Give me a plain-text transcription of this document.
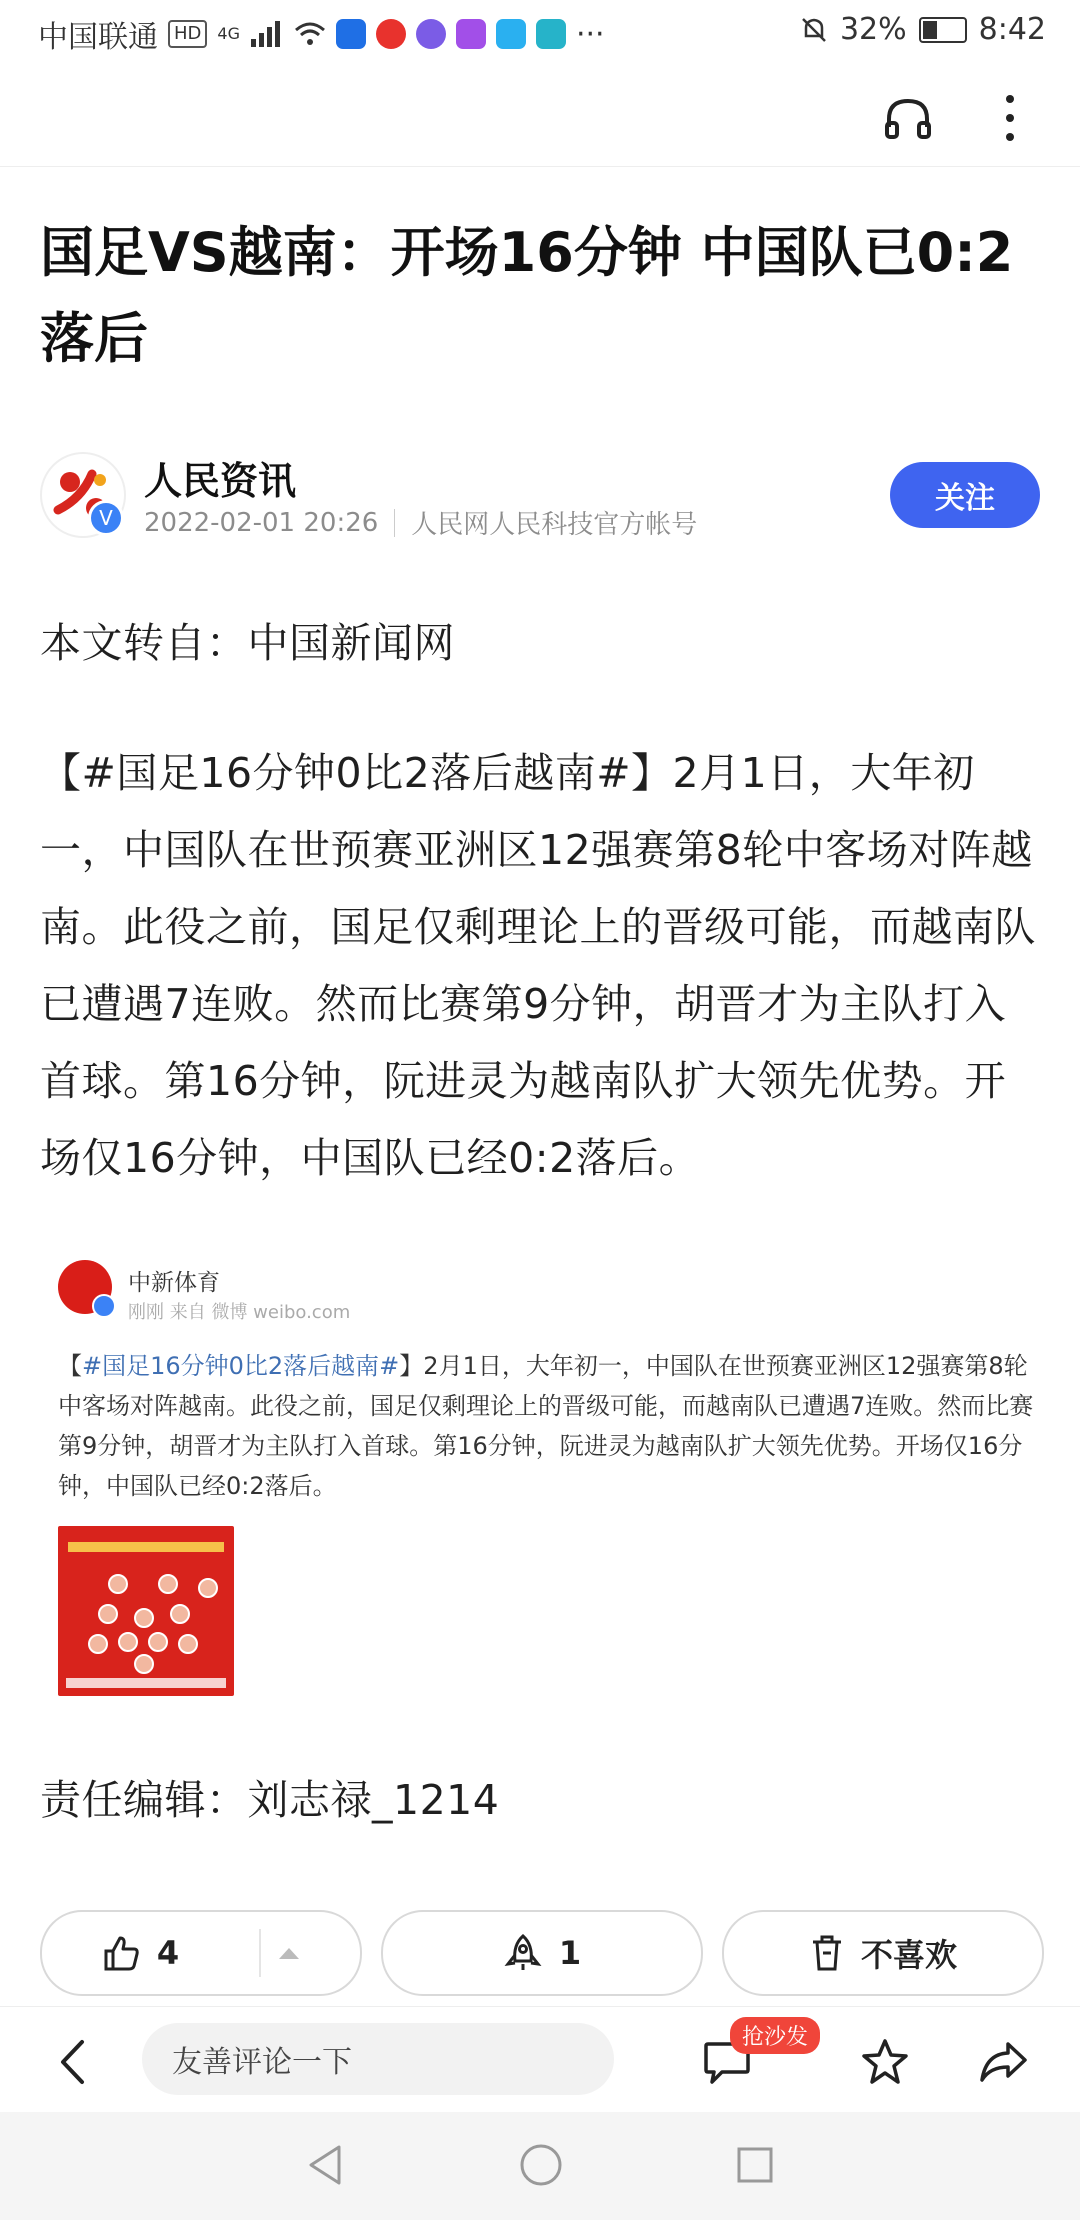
中国联通 HD	4G	···	32% 8:42
国足VS越南：开场16分钟 中国队已0:2落后
V
人民资讯
2022-02-01 20:26 人民网人民科技官方帐号
关注
本文转自：中国新闻网
【#国足16分钟0比2落后越南#】2月1日，大年初一，中国队在世预赛亚洲区12强赛第8轮中客场对阵越南。此役之前，国足仅剩理论上的晋级可能，而越南队已遭遇7连败。然而比赛第9分钟，胡晋才为主队打入首球。第16分钟，阮进灵为越南队扩大领先优势。开场仅16分钟，中国队已经0:2落后。
中新体育
刚刚 来自 微博 weibo.com
【#国足16分钟0比2落后越南#】2月1日，大年初一，中国队在世预赛亚洲区12强赛第8轮中客场对阵越南。此役之前，国足仅剩理论上的晋级可能，而越南队已遭遇7连败。然而比赛第9分钟，胡晋才为主队打入首球。第16分钟，阮进灵为越南队扩大领先优势。开场仅16分钟，中国队已经0:2落后。
责任编辑：刘志禄_1214
4	1	不喜欢
友善评论一下
抢沙发
